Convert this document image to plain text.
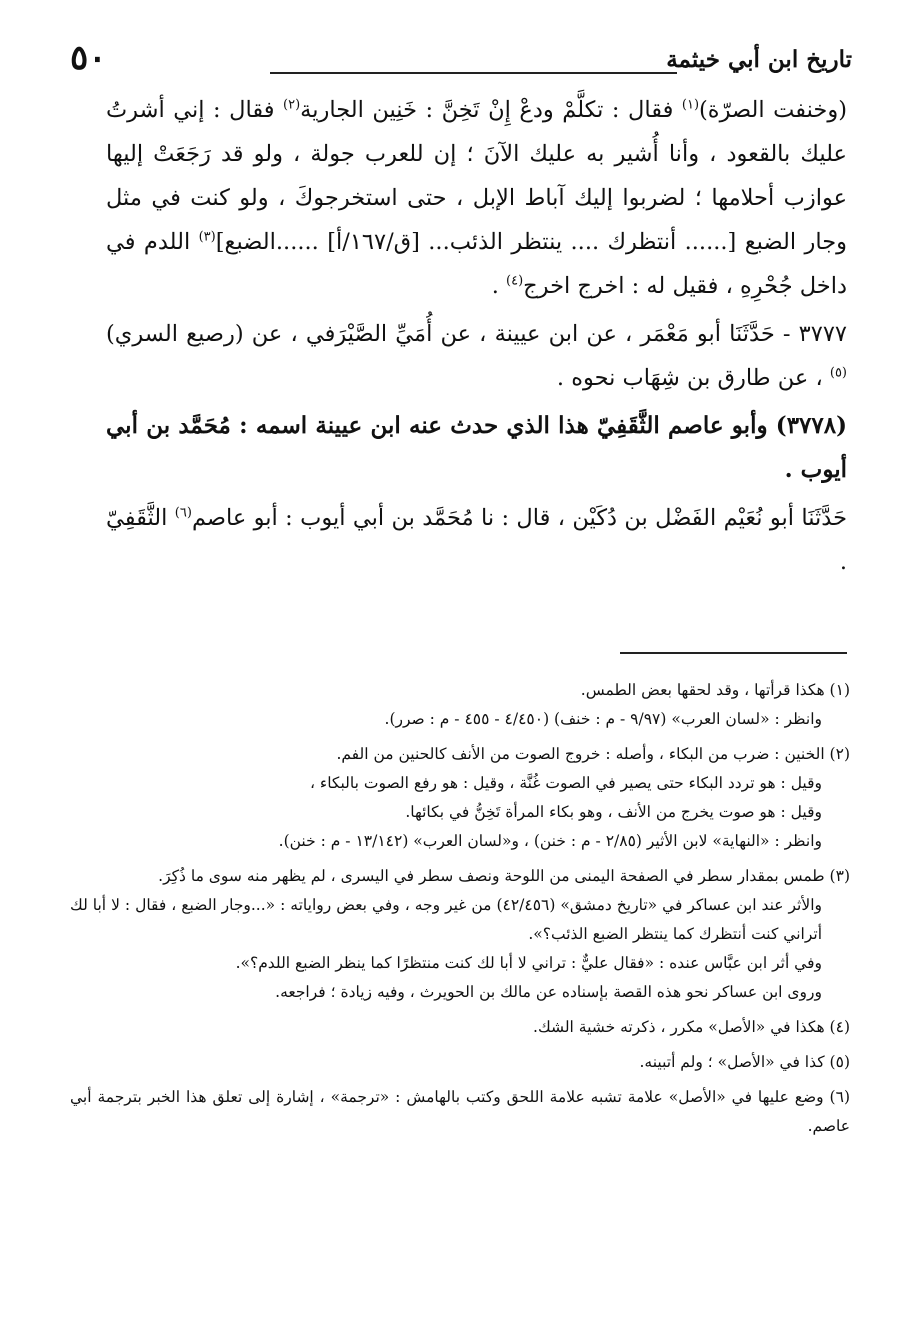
٥٠	تاريخ ابن أبي خيثمة

(وخنفت الصرّة)$^{(١)}$ فقال : تكلَّمْ ودعْ إِنْ تَخِنَّ : خَنِين الجارية$^{(٢)}$ فقال : إني أشرتُ عليك بالقعود ، وأنا أُشير به عليك الآنَ ؛ إن للعرب جولة ، ولو قد رَجَعَتْ إليها عوازب أحلامها ؛ لضربوا إليك آباط الإبل ، حتى استخرجوكَ ، ولو كنت في مثل وجار الضبع [...... أنتظرك .... ينتظر الذئب... [ق/١٦٧/أ] ......الضبع]$^{(٣)}$ اللدم في داخل جُحْرِهِ ، فقيل له : اخرج اخرج$^{(٤)}$ .

٣٧٧٧ - حَدَّثَنَا أبو مَعْمَر ، عن ابن عيينة ، عن أُمَيِّ الصَّيْرَفي ، عن (رصيع السري)$^{(٥)}$ ، عن طارق بن شِهَاب نحوه .

(٣٧٧٨) وأبو عاصم الثَّقَفِيّ هذا الذي حدث عنه ابن عيينة اسمه : مُحَمَّد بن أبي أيوب .

حَدَّثَنَا أبو نُعَيْم الفَضْل بن دُكَيْن ، قال : نا مُحَمَّد بن أبي أيوب : أبو عاصم$^{(٦)}$ الثَّقَفِيّ .

(١) هكذا قرأتها ، وقد لحقها بعض الطمس.
وانظر : «لسان العرب» (٩/٩٧ - م : خنف) (٤/٤٥٠ - ٤٥٥ - م : صرر).
(٢) الخنين : ضرب من البكاء ، وأصله : خروج الصوت من الأنف كالحنين من الفم.
وقيل : هو تردد البكاء حتى يصير في الصوت غُنَّة ، وقيل : هو رفع الصوت بالبكاء ،
وقيل : هو صوت يخرج من الأنف ، وهو بكاء المرأة تَخِنُّ في بكائها.
وانظر : «النهاية» لابن الأثير (٢/٨٥ - م : خنن) ، و«لسان العرب» (١٣/١٤٢ - م : خنن).
(٣) طمس بمقدار سطر في الصفحة اليمنى من اللوحة ونصف سطر في اليسرى ، لم يظهر منه سوى ما ذُكِرَ.
والأثر عند ابن عساكر في «تاريخ دمشق» (٤٢/٤٥٦) من غير وجه ، وفي بعض رواياته : «...وجار الضبع ، فقال : لا أبا لك أتراني كنت أنتظرك كما ينتظر الضبع الذئب؟».
وفي أثر ابن عبَّاس عنده : «فقال عليٌّ : تراني لا أبا لك كنت منتظرًا كما ينظر الضبع اللدم؟».
وروى ابن عساكر نحو هذه القصة بإسناده عن مالك بن الحويرث ، وفيه زيادة ؛ فراجعه.
(٤) هكذا في «الأصل» مكرر ، ذكرته خشية الشك.
(٥) كذا في «الأصل» ؛ ولم أتبينه.
(٦) وضع عليها في «الأصل» علامة تشبه علامة اللحق وكتب بالهامش : «ترجمة» ، إشارة إلى تعلق هذا الخبر بترجمة أبي عاصم.
